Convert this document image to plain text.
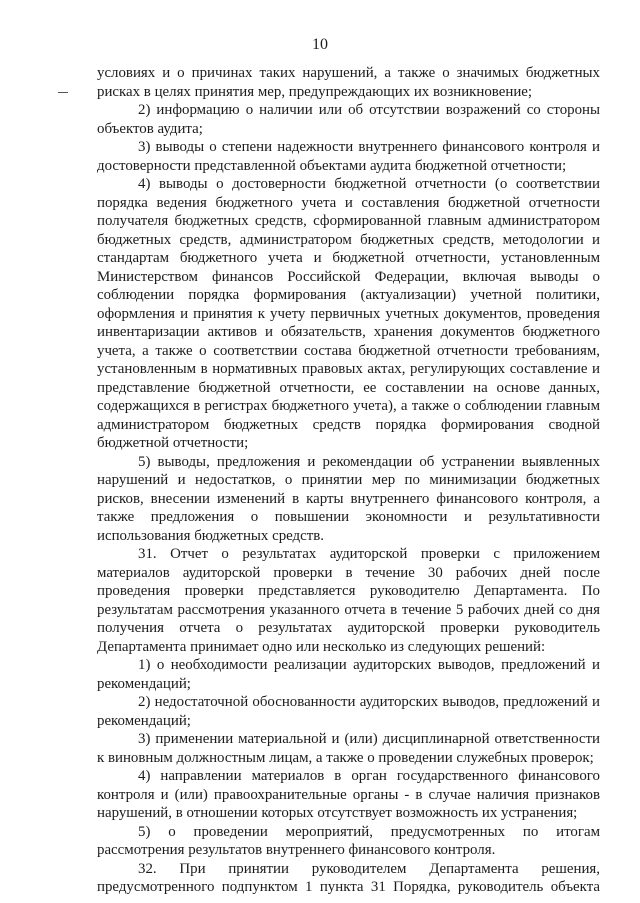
10

условиях и о причинах таких нарушений, а также о значимых бюджетных рисках в целях принятия мер, предупреждающих их возникновение;

2) информацию о наличии или об отсутствии возражений со стороны объектов аудита;

3) выводы о степени надежности внутреннего финансового контроля и достоверности представленной объектами аудита бюджетной отчетности;

4) выводы о достоверности бюджетной отчетности (о соответствии порядка ведения бюджетного учета и составления бюджетной отчетности получателя бюджетных средств, сформированной главным администратором бюджетных средств, администратором бюджетных средств, методологии и стандартам бюджетного учета и бюджетной отчетности, установленным Министерством финансов Российской Федерации, включая выводы о соблюдении порядка формирования (актуализации) учетной политики, оформления и принятия к учету первичных учетных документов, проведения инвентаризации активов и обязательств, хранения документов бюджетного учета, а также о соответствии состава бюджетной отчетности требованиям, установленным в нормативных правовых актах, регулирующих составление и представление бюджетной отчетности, ее составлении на основе данных, содержащихся в регистрах бюджетного учета), а также о соблюдении главным администратором бюджетных средств порядка формирования сводной бюджетной отчетности;

5) выводы, предложения и рекомендации об устранении выявленных нарушений и недостатков, о принятии мер по минимизации бюджетных рисков, внесении изменений в карты внутреннего финансового контроля, а также предложения о повышении экономности и результативности использования бюджетных средств.

31. Отчет о результатах аудиторской проверки с приложением материалов аудиторской проверки в течение 30 рабочих дней после проведения проверки представляется руководителю Департамента. По результатам рассмотрения указанного отчета в течение 5 рабочих дней со дня получения отчета о результатах аудиторской проверки руководитель Департамента принимает одно или несколько из следующих решений:

1) о необходимости реализации аудиторских выводов, предложений и рекомендаций;

2) недостаточной обоснованности аудиторских выводов, предложений и рекомендаций;

3) применении материальной и (или) дисциплинарной ответственности к виновным должностным лицам, а также о проведении служебных проверок;

4) направлении материалов в орган государственного финансового контроля и (или) правоохранительные органы - в случае наличия признаков нарушений, в отношении которых отсутствует возможность их устранения;

5) о проведении мероприятий, предусмотренных по итогам рассмотрения результатов внутреннего финансового контроля.

32. При принятии руководителем Департамента решения, предусмотренного подпунктом 1 пункта 31 Порядка, руководитель объекта
